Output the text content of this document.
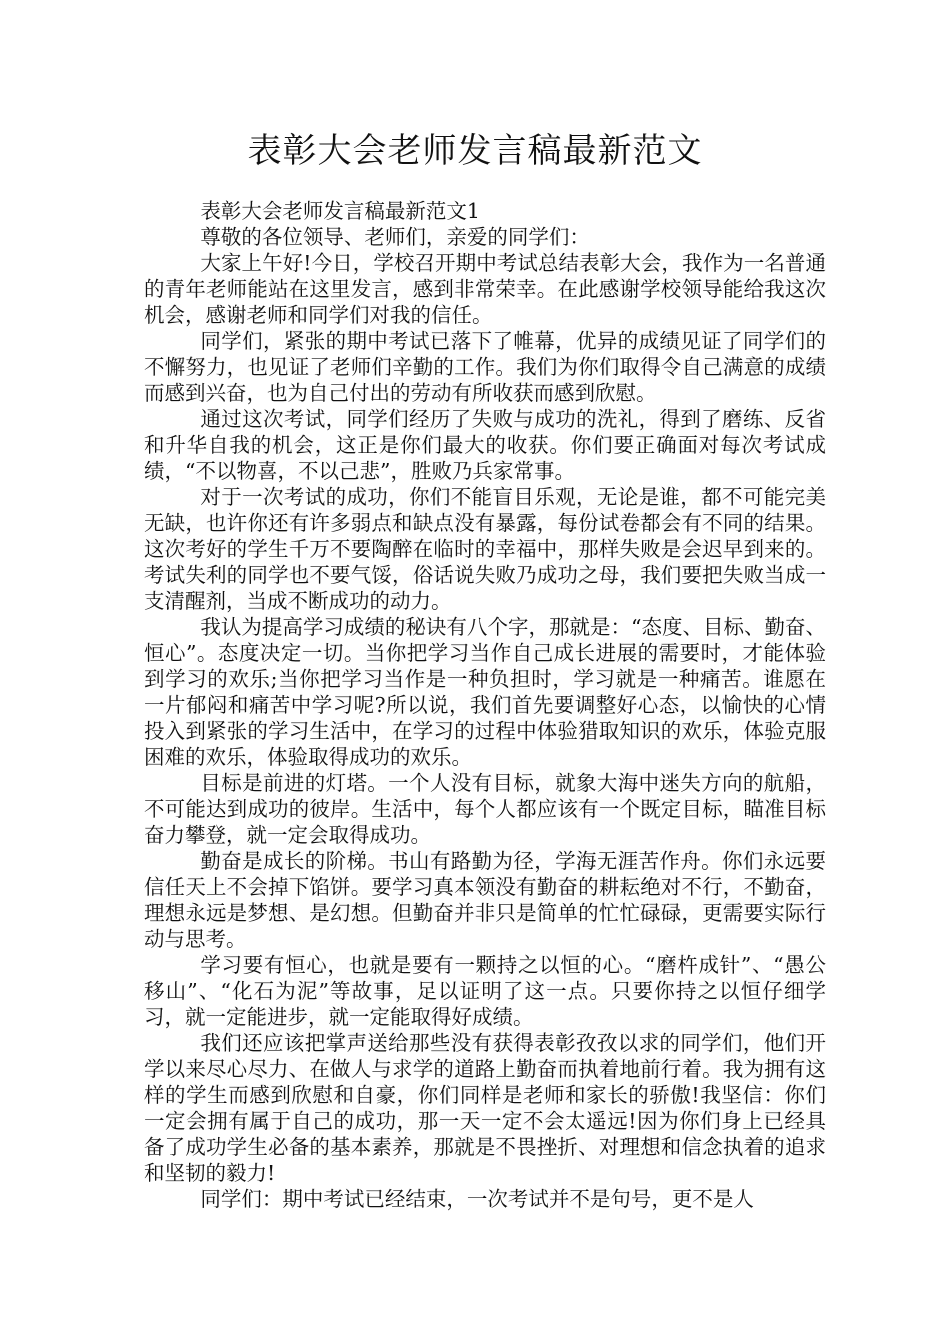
表彰大会老师发言稿最新范文

表彰大会老师发言稿最新范文1

尊敬的各位领导、老师们，亲爱的同学们：

大家上午好!今日，学校召开期中考试总结表彰大会，我作为一名普通的青年老师能站在这里发言，感到非常荣幸。在此感谢学校领导能给我这次机会，感谢老师和同学们对我的信任。

同学们，紧张的期中考试已落下了帷幕，优异的成绩见证了同学们的不懈努力，也见证了老师们辛勤的工作。我们为你们取得令自己满意的成绩而感到兴奋，也为自己付出的劳动有所收获而感到欣慰。

通过这次考试，同学们经历了失败与成功的洗礼，得到了磨练、反省和升华自我的机会，这正是你们最大的收获。你们要正确面对每次考试成绩，“不以物喜，不以己悲”，胜败乃兵家常事。

对于一次考试的成功，你们不能盲目乐观，无论是谁，都不可能完美无缺，也许你还有许多弱点和缺点没有暴露，每份试卷都会有不同的结果。这次考好的学生千万不要陶醉在临时的幸福中，那样失败是会迟早到来的。考试失利的同学也不要气馁，俗话说失败乃成功之母，我们要把失败当成一支清醒剂，当成不断成功的动力。

我认为提高学习成绩的秘诀有八个字，那就是：“态度、目标、勤奋、恒心”。态度决定一切。当你把学习当作自己成长进展的需要时，才能体验到学习的欢乐;当你把学习当作是一种负担时，学习就是一种痛苦。谁愿在一片郁闷和痛苦中学习呢?所以说，我们首先要调整好心态，以愉快的心情投入到紧张的学习生活中，在学习的过程中体验猎取知识的欢乐，体验克服困难的欢乐，体验取得成功的欢乐。

目标是前进的灯塔。一个人没有目标，就象大海中迷失方向的航船，不可能达到成功的彼岸。生活中，每个人都应该有一个既定目标，瞄准目标奋力攀登，就一定会取得成功。

勤奋是成长的阶梯。书山有路勤为径，学海无涯苦作舟。你们永远要信任天上不会掉下馅饼。要学习真本领没有勤奋的耕耘绝对不行，不勤奋，理想永远是梦想、是幻想。但勤奋并非只是简单的忙忙碌碌，更需要实际行动与思考。

学习要有恒心，也就是要有一颗持之以恒的心。“磨杵成针”、“愚公移山”、“化石为泥”等故事，足以证明了这一点。只要你持之以恒仔细学习，就一定能进步，就一定能取得好成绩。

我们还应该把掌声送给那些没有获得表彰孜孜以求的同学们，他们开学以来尽心尽力、在做人与求学的道路上勤奋而执着地前行着。我为拥有这样的学生而感到欣慰和自豪，你们同样是老师和家长的骄傲!我坚信：你们一定会拥有属于自己的成功，那一天一定不会太遥远!因为你们身上已经具备了成功学生必备的基本素养，那就是不畏挫折、对理想和信念执着的追求和坚韧的毅力!

同学们：期中考试已经结束，一次考试并不是句号，更不是人
